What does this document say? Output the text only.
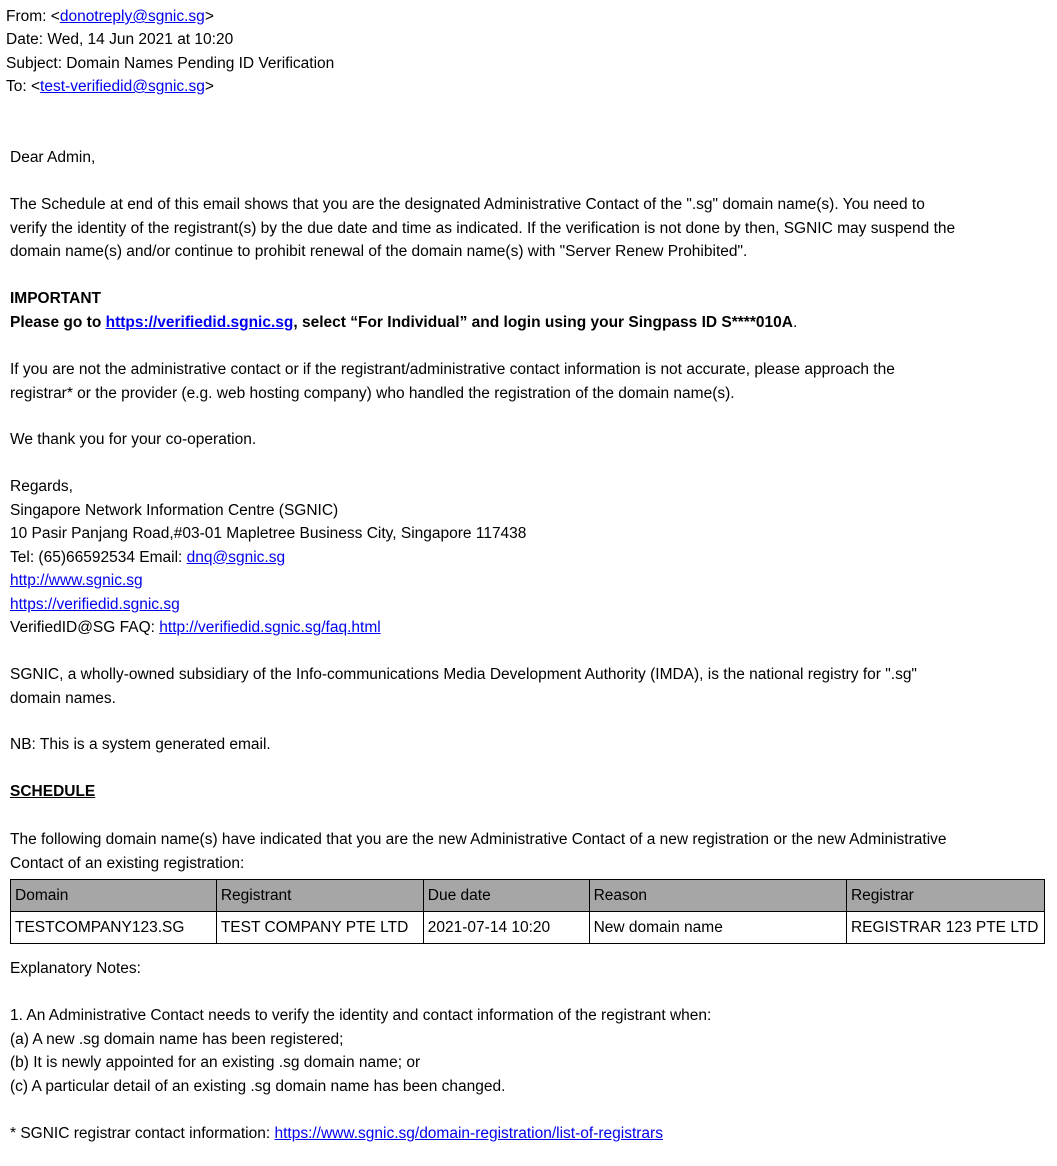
From: <donotreply@sgnic.sg>
Date: Wed, 14 Jun 2021 at 10:20
Subject: Domain Names Pending ID Verification
To: <test-verifiedid@sgnic.sg>
Dear Admin,
The Schedule at end of this email shows that you are the designated Administrative Contact of the ".sg" domain name(s). You need to
verify the identity of the registrant(s) by the due date and time as indicated. If the verification is not done by then, SGNIC may suspend the
domain name(s) and/or continue to prohibit renewal of the domain name(s) with "Server Renew Prohibited".
IMPORTANT
Please go to https://verifiedid.sgnic.sg, select “For Individual” and login using your Singpass ID S****010A.
If you are not the administrative contact or if the registrant/administrative contact information is not accurate, please approach the
registrar* or the provider (e.g. web hosting company) who handled the registration of the domain name(s).
We thank you for your co-operation.
Regards,
Singapore Network Information Centre (SGNIC)
10 Pasir Panjang Road,#03-01 Mapletree Business City, Singapore 117438
Tel: (65)66592534 Email: dnq@sgnic.sg
http://www.sgnic.sg
https://verifiedid.sgnic.sg
VerifiedID@SG FAQ: http://verifiedid.sgnic.sg/faq.html
SGNIC, a wholly-owned subsidiary of the Info-communications Media Development Authority (IMDA), is the national registry for ".sg"
domain names.
NB: This is a system generated email.
SCHEDULE
The following domain name(s) have indicated that you are the new Administrative Contact of a new registration or the new Administrative
Contact of an existing registration:
Domain	Registrant	Due date	Reason	Registrar
TESTCOMPANY123.SG	TEST COMPANY PTE LTD	2021-07-14 10:20	New domain name	REGISTRAR 123 PTE LTD
Explanatory Notes:
1. An Administrative Contact needs to verify the identity and contact information of the registrant when:
(a) A new .sg domain name has been registered;
(b) It is newly appointed for an existing .sg domain name; or
(c) A particular detail of an existing .sg domain name has been changed.
* SGNIC registrar contact information: https://www.sgnic.sg/domain-registration/list-of-registrars
